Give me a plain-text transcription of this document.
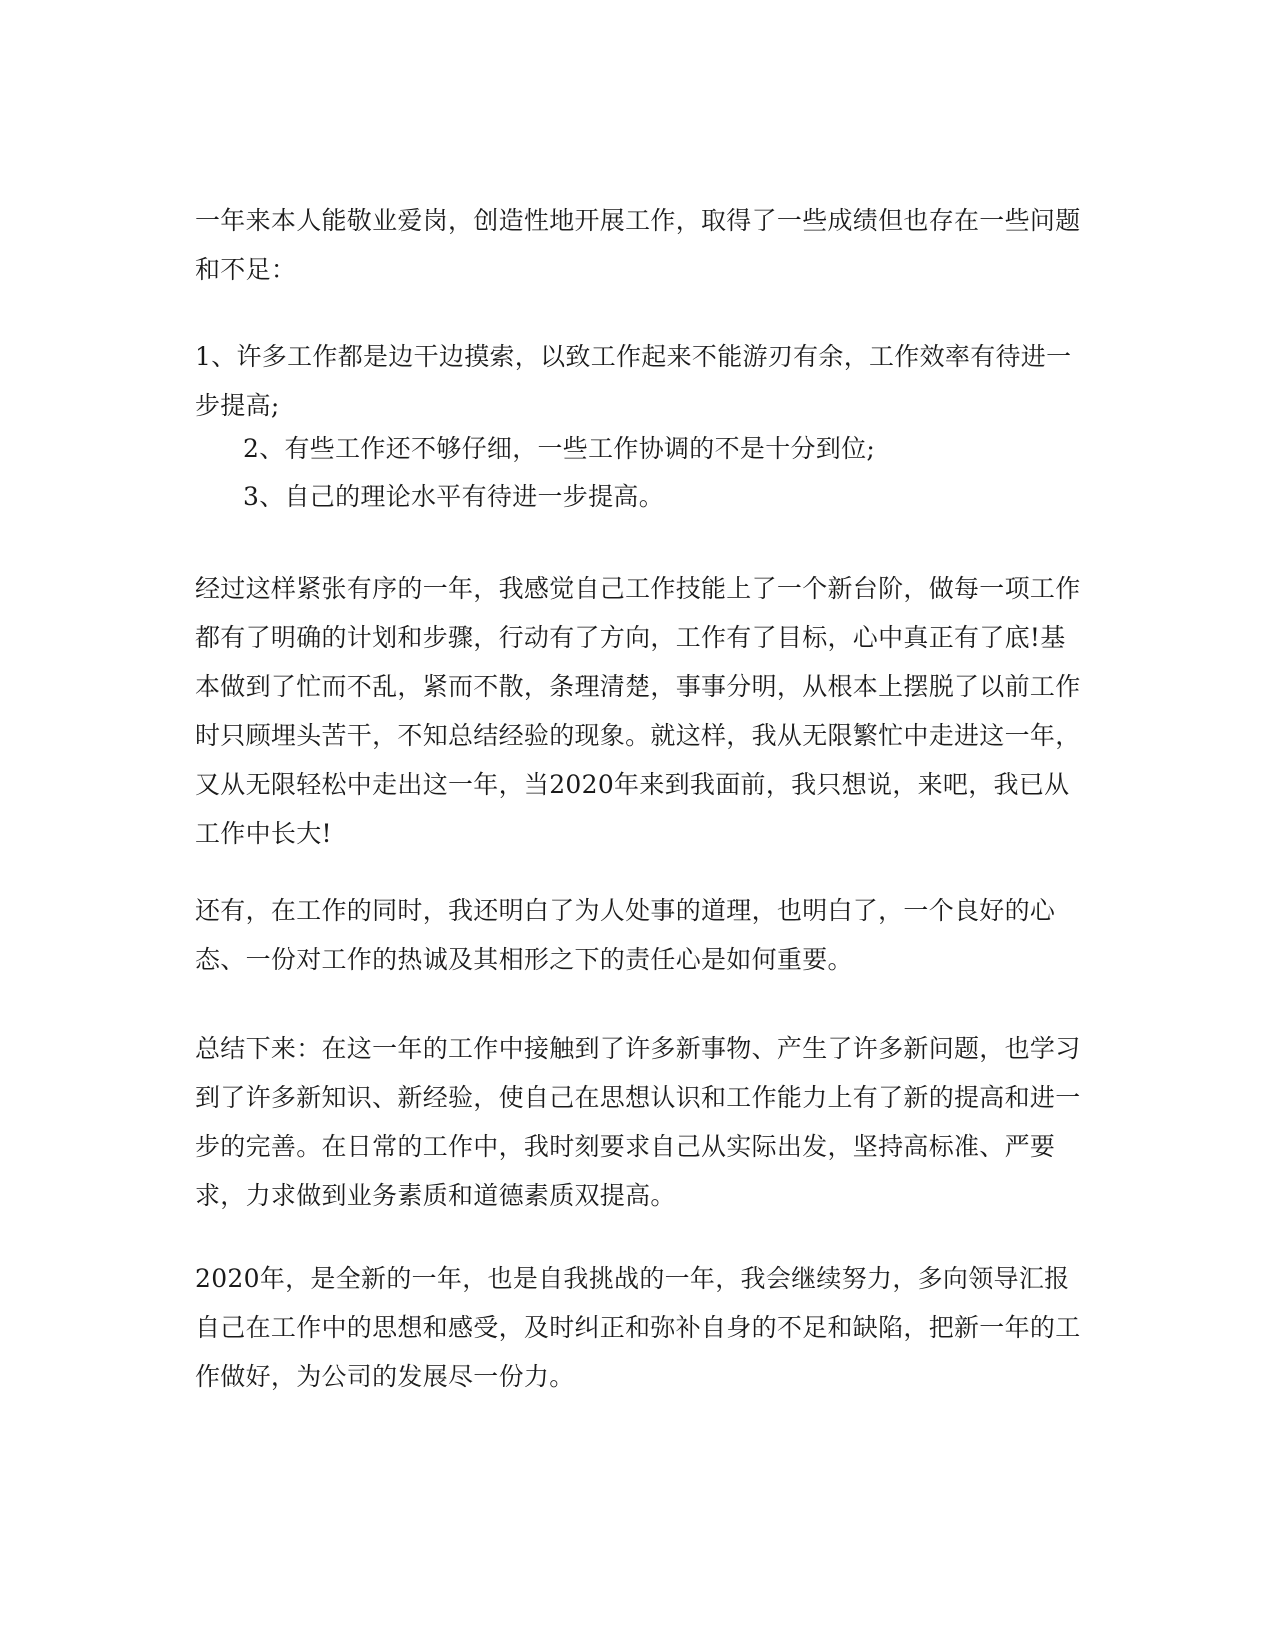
一年来本人能敬业爱岗，创造性地开展工作，取得了一些成绩但也存在一些问题和不足：

1、许多工作都是边干边摸索，以致工作起来不能游刃有余，工作效率有待进一步提高;

2、有些工作还不够仔细，一些工作协调的不是十分到位;

3、自己的理论水平有待进一步提高。

经过这样紧张有序的一年，我感觉自己工作技能上了一个新台阶，做每一项工作都有了明确的计划和步骤，行动有了方向，工作有了目标，心中真正有了底!基本做到了忙而不乱，紧而不散，条理清楚，事事分明，从根本上摆脱了以前工作时只顾埋头苦干，不知总结经验的现象。就这样，我从无限繁忙中走进这一年，又从无限轻松中走出这一年，当2020年来到我面前，我只想说，来吧，我已从工作中长大!

还有，在工作的同时，我还明白了为人处事的道理，也明白了，一个良好的心态、一份对工作的热诚及其相形之下的责任心是如何重要。

总结下来：在这一年的工作中接触到了许多新事物、产生了许多新问题，也学习到了许多新知识、新经验，使自己在思想认识和工作能力上有了新的提高和进一步的完善。在日常的工作中，我时刻要求自己从实际出发，坚持高标准、严要求，力求做到业务素质和道德素质双提高。

2020年，是全新的一年，也是自我挑战的一年，我会继续努力，多向领导汇报自己在工作中的思想和感受，及时纠正和弥补自身的不足和缺陷，把新一年的工作做好，为公司的发展尽一份力。
